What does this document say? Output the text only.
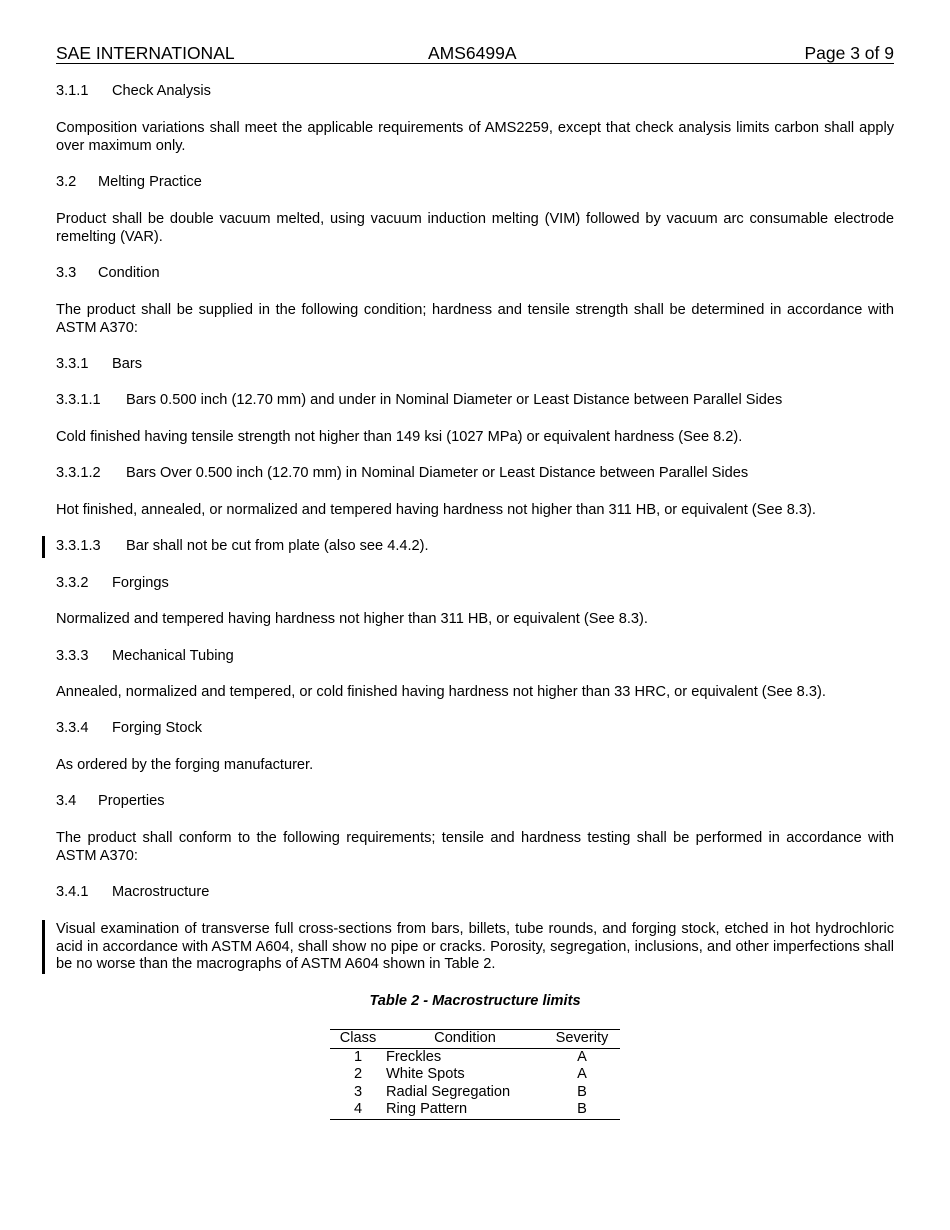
SAE INTERNATIONAL	AMS6499A	Page 3 of 9
3.1.1 Check Analysis
Composition variations shall meet the applicable requirements of AMS2259, except that check analysis limits carbon shall apply over maximum only.
3.2 Melting Practice
Product shall be double vacuum melted, using vacuum induction melting (VIM) followed by vacuum arc consumable electrode remelting (VAR).
3.3 Condition
The product shall be supplied in the following condition; hardness and tensile strength shall be determined in accordance with ASTM A370:
3.3.1 Bars
3.3.1.1 Bars 0.500 inch (12.70 mm) and under in Nominal Diameter or Least Distance between Parallel Sides
Cold finished having tensile strength not higher than 149 ksi (1027 MPa) or equivalent hardness (See 8.2).
3.3.1.2 Bars Over 0.500 inch (12.70 mm) in Nominal Diameter or Least Distance between Parallel Sides
Hot finished, annealed, or normalized and tempered having hardness not higher than 311 HB, or equivalent (See 8.3).
3.3.1.3 Bar shall not be cut from plate (also see 4.4.2).
3.3.2 Forgings
Normalized and tempered having hardness not higher than 311 HB, or equivalent (See 8.3).
3.3.3 Mechanical Tubing
Annealed, normalized and tempered, or cold finished having hardness not higher than 33 HRC, or equivalent (See 8.3).
3.3.4 Forging Stock
As ordered by the forging manufacturer.
3.4 Properties
The product shall conform to the following requirements; tensile and hardness testing shall be performed in accordance with ASTM A370:
3.4.1 Macrostructure
Visual examination of transverse full cross-sections from bars, billets, tube rounds, and forging stock, etched in hot hydrochloric acid in accordance with ASTM A604, shall show no pipe or cracks. Porosity, segregation, inclusions, and other imperfections shall be no worse than the macrographs of ASTM A604 shown in Table 2.
Table 2 - Macrostructure limits
Class	Condition	Severity
1	Freckles	A
2	White Spots	A
3	Radial Segregation	B
4	Ring Pattern	B
